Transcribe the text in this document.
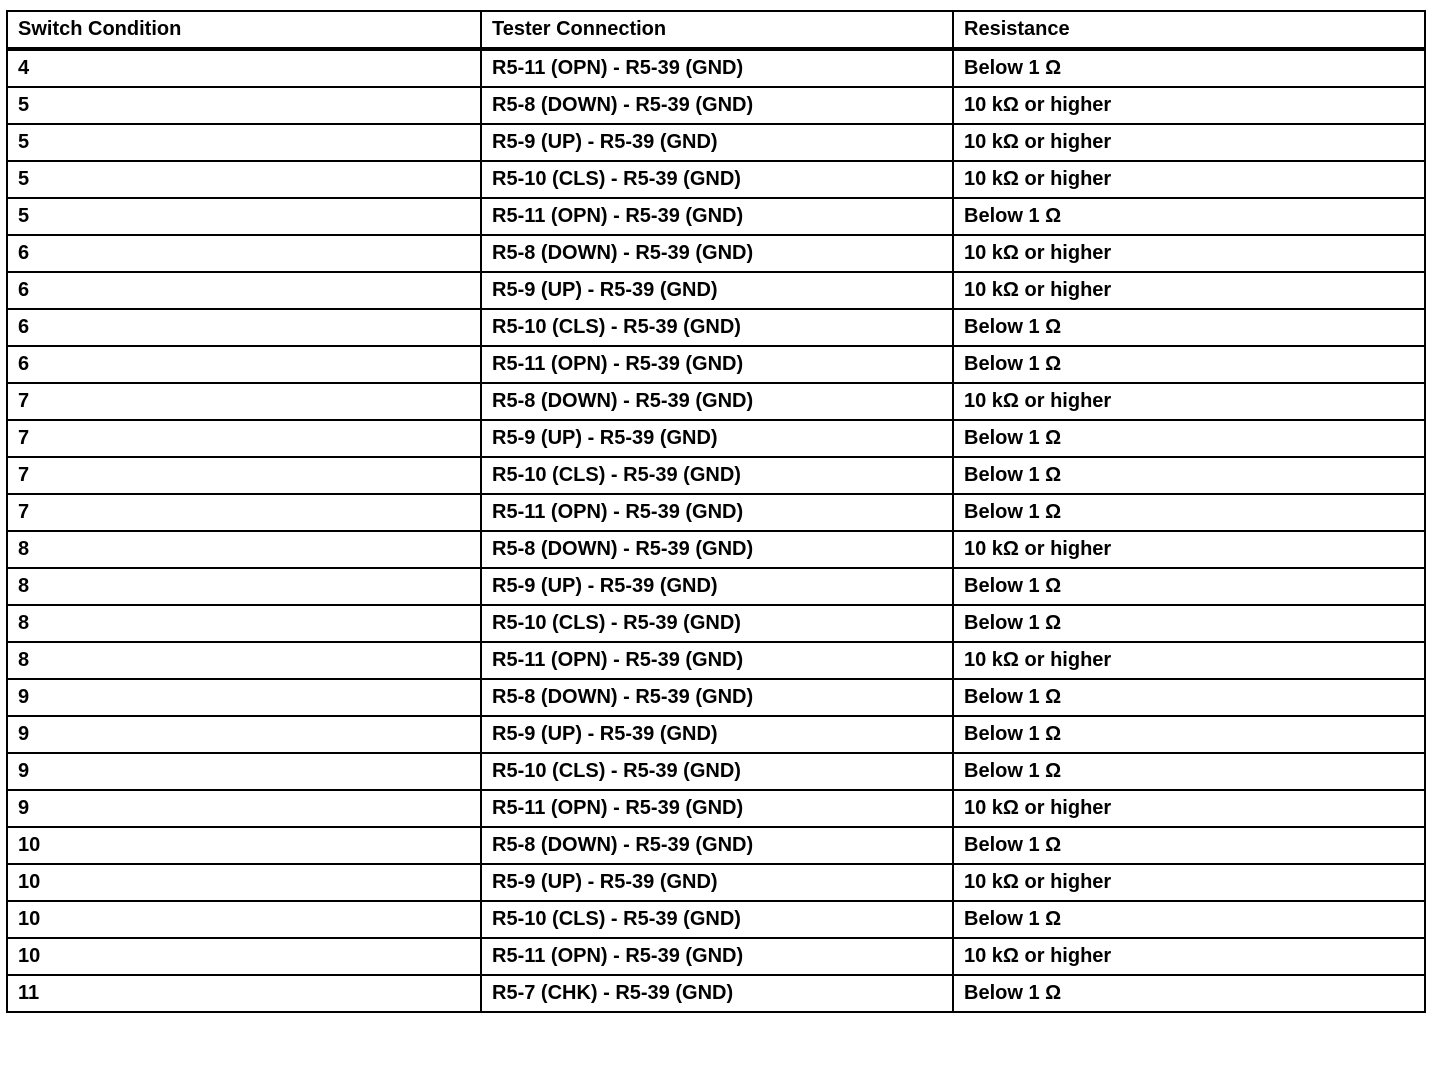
Switch Condition	Tester Connection	Resistance
4	R5-11 (OPN) - R5-39 (GND)	Below 1 Ω
5	R5-8 (DOWN) - R5-39 (GND)	10 kΩ or higher
5	R5-9 (UP) - R5-39 (GND)	10 kΩ or higher
5	R5-10 (CLS) - R5-39 (GND)	10 kΩ or higher
5	R5-11 (OPN) - R5-39 (GND)	Below 1 Ω
6	R5-8 (DOWN) - R5-39 (GND)	10 kΩ or higher
6	R5-9 (UP) - R5-39 (GND)	10 kΩ or higher
6	R5-10 (CLS) - R5-39 (GND)	Below 1 Ω
6	R5-11 (OPN) - R5-39 (GND)	Below 1 Ω
7	R5-8 (DOWN) - R5-39 (GND)	10 kΩ or higher
7	R5-9 (UP) - R5-39 (GND)	Below 1 Ω
7	R5-10 (CLS) - R5-39 (GND)	Below 1 Ω
7	R5-11 (OPN) - R5-39 (GND)	Below 1 Ω
8	R5-8 (DOWN) - R5-39 (GND)	10 kΩ or higher
8	R5-9 (UP) - R5-39 (GND)	Below 1 Ω
8	R5-10 (CLS) - R5-39 (GND)	Below 1 Ω
8	R5-11 (OPN) - R5-39 (GND)	10 kΩ or higher
9	R5-8 (DOWN) - R5-39 (GND)	Below 1 Ω
9	R5-9 (UP) - R5-39 (GND)	Below 1 Ω
9	R5-10 (CLS) - R5-39 (GND)	Below 1 Ω
9	R5-11 (OPN) - R5-39 (GND)	10 kΩ or higher
10	R5-8 (DOWN) - R5-39 (GND)	Below 1 Ω
10	R5-9 (UP) - R5-39 (GND)	10 kΩ or higher
10	R5-10 (CLS) - R5-39 (GND)	Below 1 Ω
10	R5-11 (OPN) - R5-39 (GND)	10 kΩ or higher
11	R5-7 (CHK) - R5-39 (GND)	Below 1 Ω
